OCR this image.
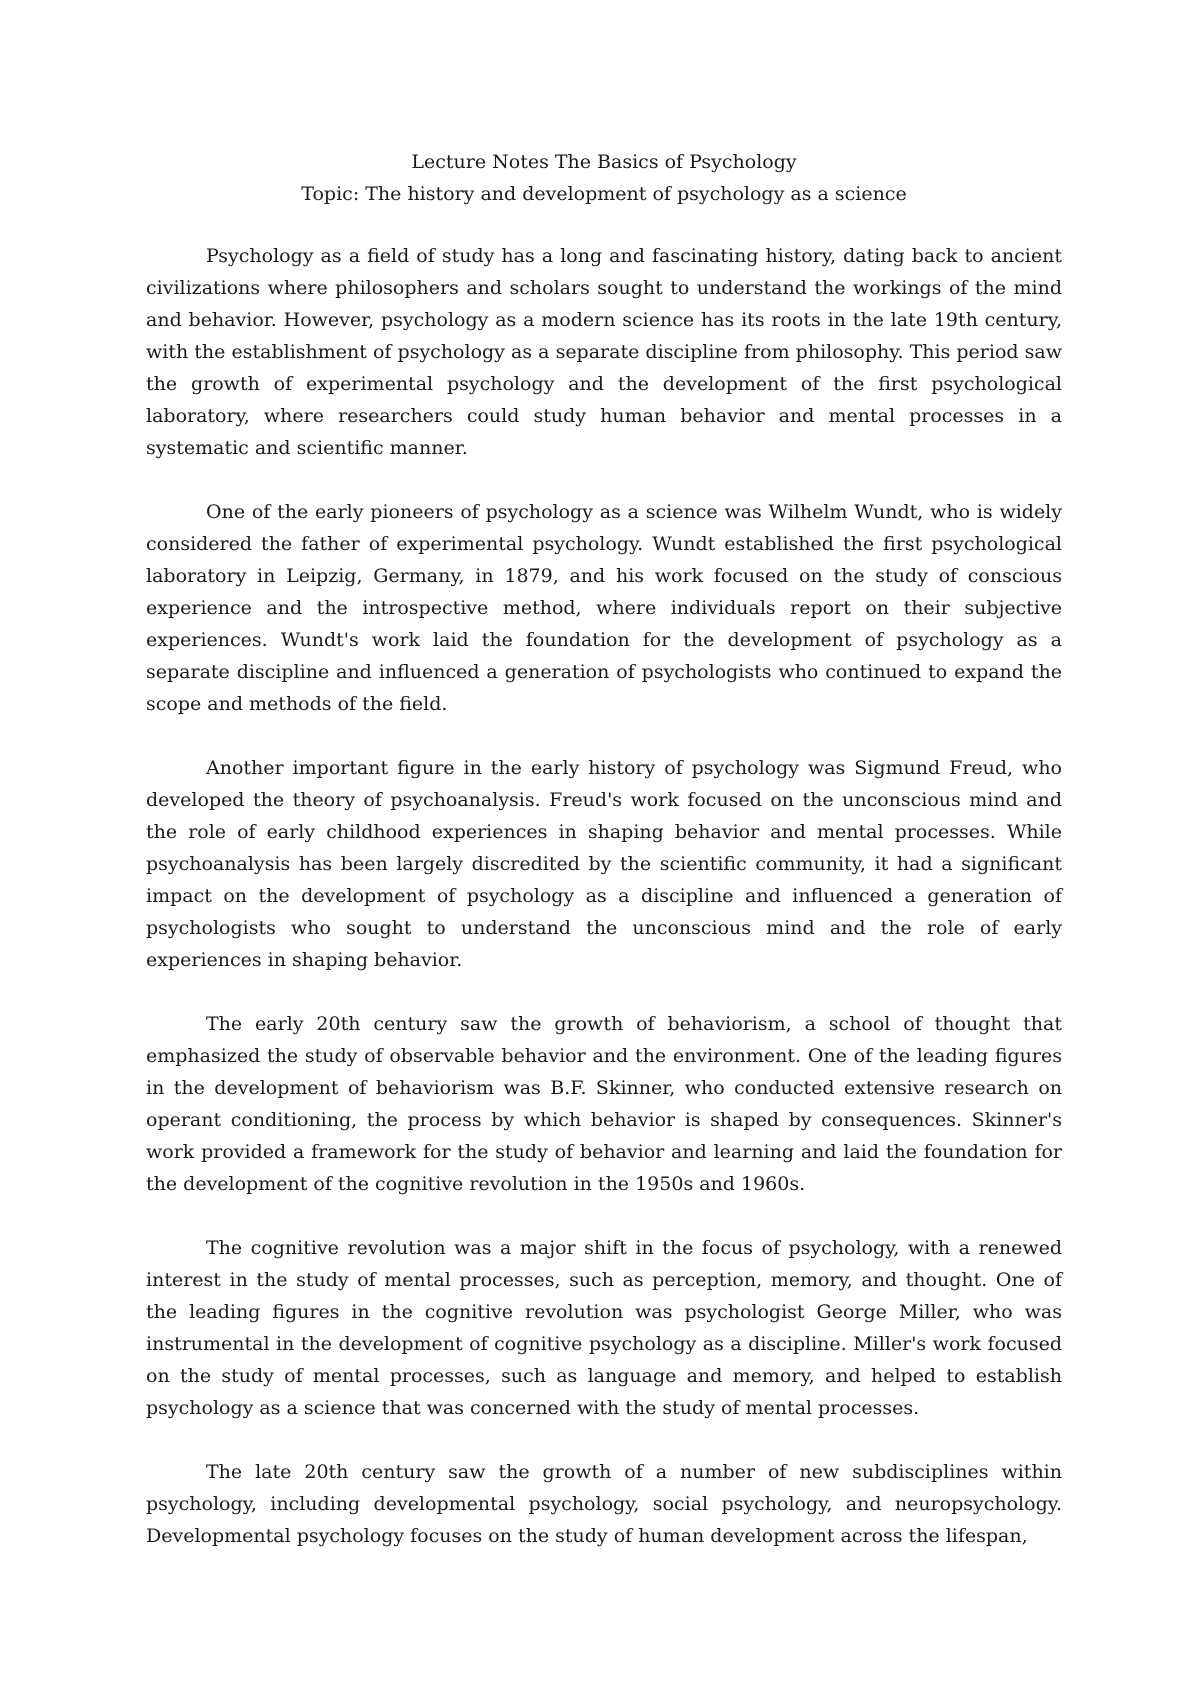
Lecture Notes The Basics of Psychology
Topic: The history and development of psychology as a science

Psychology as a field of study has a long and fascinating history, dating back to ancient civilizations where philosophers and scholars sought to understand the workings of the mind and behavior. However, psychology as a modern science has its roots in the late 19th century, with the establishment of psychology as a separate discipline from philosophy. This period saw the growth of experimental psychology and the development of the first psychological laboratory, where researchers could study human behavior and mental processes in a systematic and scientific manner.

One of the early pioneers of psychology as a science was Wilhelm Wundt, who is widely considered the father of experimental psychology. Wundt established the first psychological laboratory in Leipzig, Germany, in 1879, and his work focused on the study of conscious experience and the introspective method, where individuals report on their subjective experiences. Wundt's work laid the foundation for the development of psychology as a separate discipline and influenced a generation of psychologists who continued to expand the scope and methods of the field.

Another important figure in the early history of psychology was Sigmund Freud, who developed the theory of psychoanalysis. Freud's work focused on the unconscious mind and the role of early childhood experiences in shaping behavior and mental processes. While psychoanalysis has been largely discredited by the scientific community, it had a significant impact on the development of psychology as a discipline and influenced a generation of psychologists who sought to understand the unconscious mind and the role of early experiences in shaping behavior.

The early 20th century saw the growth of behaviorism, a school of thought that emphasized the study of observable behavior and the environment. One of the leading figures in the development of behaviorism was B.F. Skinner, who conducted extensive research on operant conditioning, the process by which behavior is shaped by consequences. Skinner's work provided a framework for the study of behavior and learning and laid the foundation for the development of the cognitive revolution in the 1950s and 1960s.

The cognitive revolution was a major shift in the focus of psychology, with a renewed interest in the study of mental processes, such as perception, memory, and thought. One of the leading figures in the cognitive revolution was psychologist George Miller, who was instrumental in the development of cognitive psychology as a discipline. Miller's work focused on the study of mental processes, such as language and memory, and helped to establish psychology as a science that was concerned with the study of mental processes.

The late 20th century saw the growth of a number of new subdisciplines within psychology, including developmental psychology, social psychology, and neuropsychology. Developmental psychology focuses on the study of human development across the lifespan,
